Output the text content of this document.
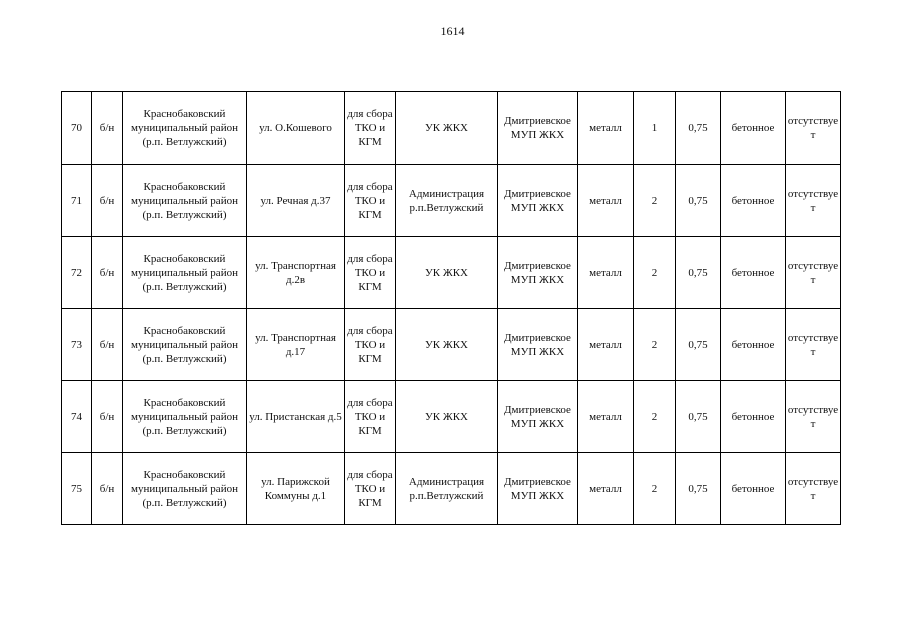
1614
70	б/н	Краснобаковский муниципальный район (р.п. Ветлужский)	ул. О.Кошевого	для сбора ТКО и КГМ	УК ЖКХ	Дмитриевское МУП ЖКХ	металл	1	0,75	бетонное	отсутствует
71	б/н	Краснобаковский муниципальный район (р.п. Ветлужский)	ул. Речная д.37	для сбора ТКО и КГМ	Администрация р.п.Ветлужский	Дмитриевское МУП ЖКХ	металл	2	0,75	бетонное	отсутствует
72	б/н	Краснобаковский муниципальный район (р.п. Ветлужский)	ул. Транспортная д.2в	для сбора ТКО и КГМ	УК ЖКХ	Дмитриевское МУП ЖКХ	металл	2	0,75	бетонное	отсутствует
73	б/н	Краснобаковский муниципальный район (р.п. Ветлужский)	ул. Транспортная д.17	для сбора ТКО и КГМ	УК ЖКХ	Дмитриевское МУП ЖКХ	металл	2	0,75	бетонное	отсутствует
74	б/н	Краснобаковский муниципальный район (р.п. Ветлужский)	ул. Пристанская д.5	для сбора ТКО и КГМ	УК ЖКХ	Дмитриевское МУП ЖКХ	металл	2	0,75	бетонное	отсутствует
75	б/н	Краснобаковский муниципальный район (р.п. Ветлужский)	ул. Парижской Коммуны д.1	для сбора ТКО и КГМ	Администрация р.п.Ветлужский	Дмитриевское МУП ЖКХ	металл	2	0,75	бетонное	отсутствует
